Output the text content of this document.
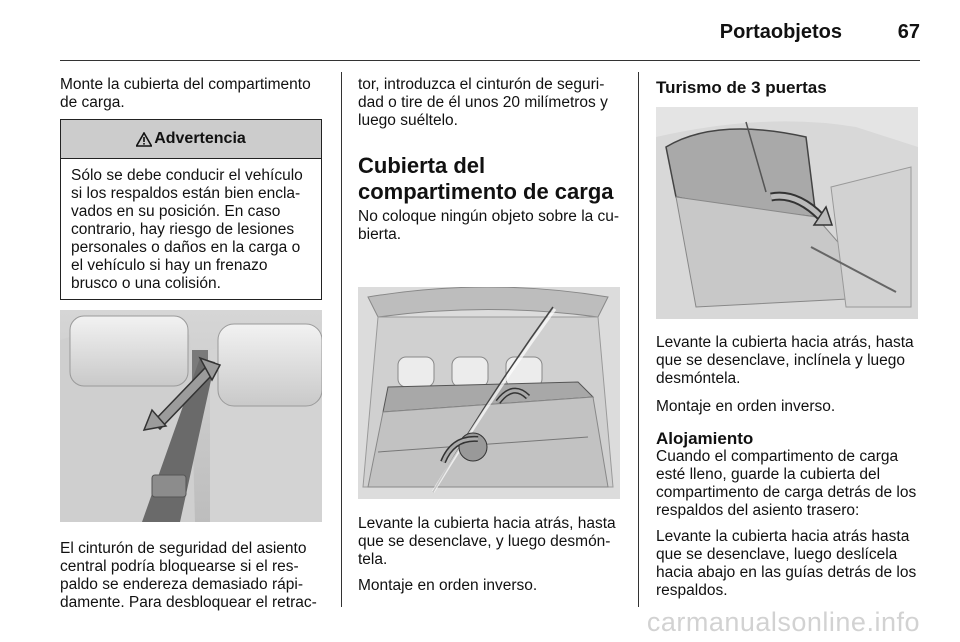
Portaobjetos	67

Monte la cubierta del compartimento de carga.

Advertencia
Sólo se debe conducir el vehículo si los respaldos están bien encla-vados en su posición. En caso contrario, hay riesgo de lesiones personales o daños en la carga o el vehículo si hay un frenazo brusco o una colisión.

El cinturón de seguridad del asiento central podría bloquearse si el res-paldo se endereza demasiado rápi-damente. Para desbloquear el retrac-

tor, introduzca el cinturón de seguri-dad o tire de él unos 20 milímetros y luego suéltelo.

Cubierta del compartimento de carga

No coloque ningún objeto sobre la cu-bierta.

Levante la cubierta hacia atrás, hasta que se desenclave, y luego desmón-tela.

Montaje en orden inverso.

Turismo de 3 puertas

Levante la cubierta hacia atrás, hasta que se desenclave, inclínela y luego desmóntela.

Montaje en orden inverso.

Alojamiento

Cuando el compartimento de carga esté lleno, guarde la cubierta del compartimento de carga detrás de los respaldos del asiento trasero:

Levante la cubierta hacia atrás hasta que se desenclave, luego deslícela hacia abajo en las guías detrás de los respaldos.

carmanualsonline.info
